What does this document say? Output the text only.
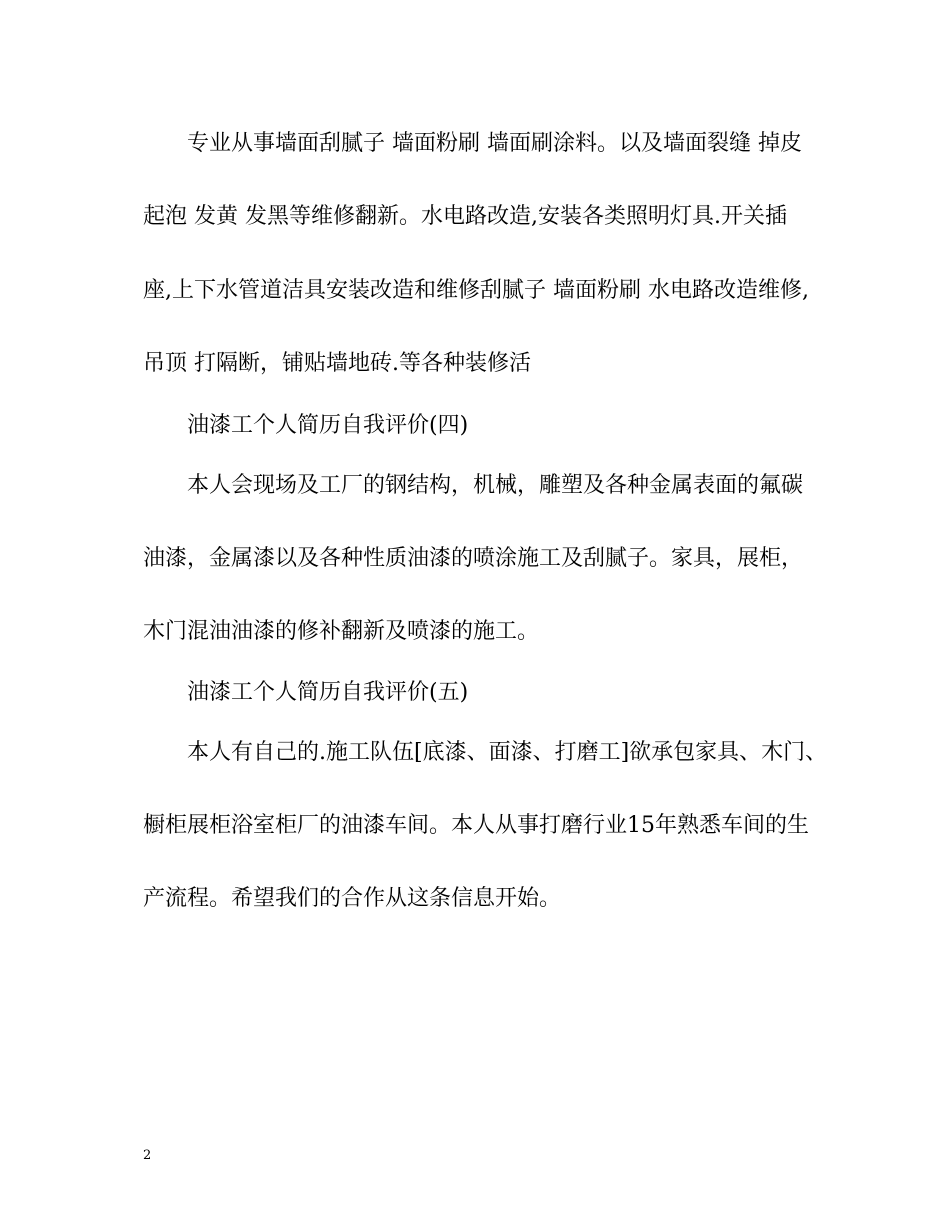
专业从事墙面刮腻子 墙面粉刷 墙面刷涂料。以及墙面裂缝 掉皮
起泡 发黄 发黑等维修翻新。水电路改造,安装各类照明灯具.开关插
座,上下水管道洁具安装改造和维修刮腻子 墙面粉刷 水电路改造维修,
吊顶 打隔断，铺贴墙地砖.等各种装修活
油漆工个人简历自我评价(四)
本人会现场及工厂的钢结构，机械，雕塑及各种金属表面的氟碳
油漆，金属漆以及各种性质油漆的喷涂施工及刮腻子。家具，展柜，
木门混油油漆的修补翻新及喷漆的施工。
油漆工个人简历自我评价(五)
本人有自己的.施工队伍[底漆、面漆、打磨工]欲承包家具、木门、
橱柜展柜浴室柜厂的油漆车间。本人从事打磨行业15年熟悉车间的生
产流程。希望我们的合作从这条信息开始。
2
